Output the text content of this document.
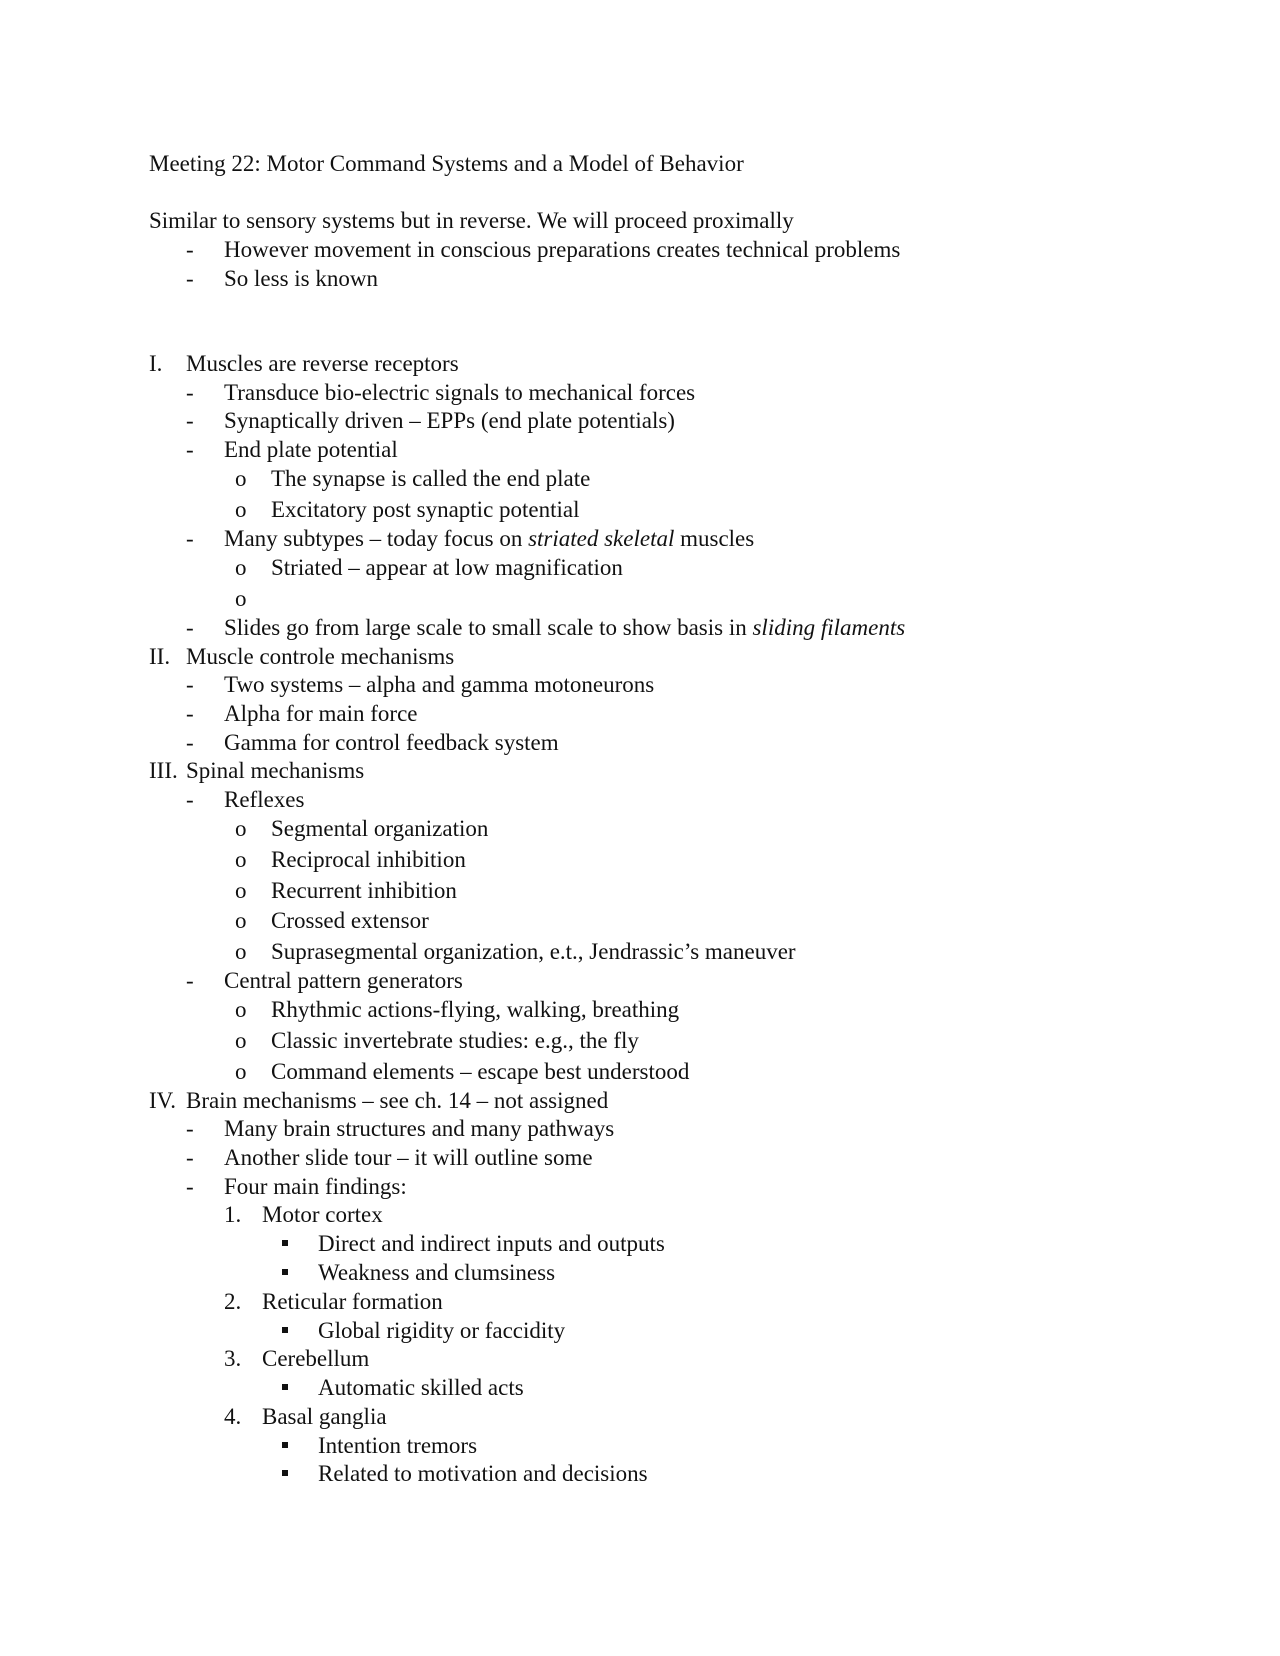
Meeting 22: Motor Command Systems and a Model of Behavior
Similar to sensory systems but in reverse. We will proceed proximally
- However movement in conscious preparations creates technical problems
- So less is known
I. Muscles are reverse receptors
- Transduce bio-electric signals to mechanical forces
- Synaptically driven – EPPs (end plate potentials)
- End plate potential
o The synapse is called the end plate
o Excitatory post synaptic potential
- Many subtypes – today focus on striated skeletal muscles
o Striated – appear at low magnification
o
- Slides go from large scale to small scale to show basis in sliding filaments
II. Muscle controle mechanisms
- Two systems – alpha and gamma motoneurons
- Alpha for main force
- Gamma for control feedback system
III. Spinal mechanisms
- Reflexes
o Segmental organization
o Reciprocal inhibition
o Recurrent inhibition
o Crossed extensor
o Suprasegmental organization, e.t., Jendrassic’s maneuver
- Central pattern generators
o Rhythmic actions-flying, walking, breathing
o Classic invertebrate studies: e.g., the fly
o Command elements – escape best understood
IV. Brain mechanisms – see ch. 14 – not assigned
- Many brain structures and many pathways
- Another slide tour – it will outline some
- Four main findings:
1. Motor cortex
Direct and indirect inputs and outputs
Weakness and clumsiness
2. Reticular formation
Global rigidity or faccidity
3. Cerebellum
Automatic skilled acts
4. Basal ganglia
Intention tremors
Related to motivation and decisions
